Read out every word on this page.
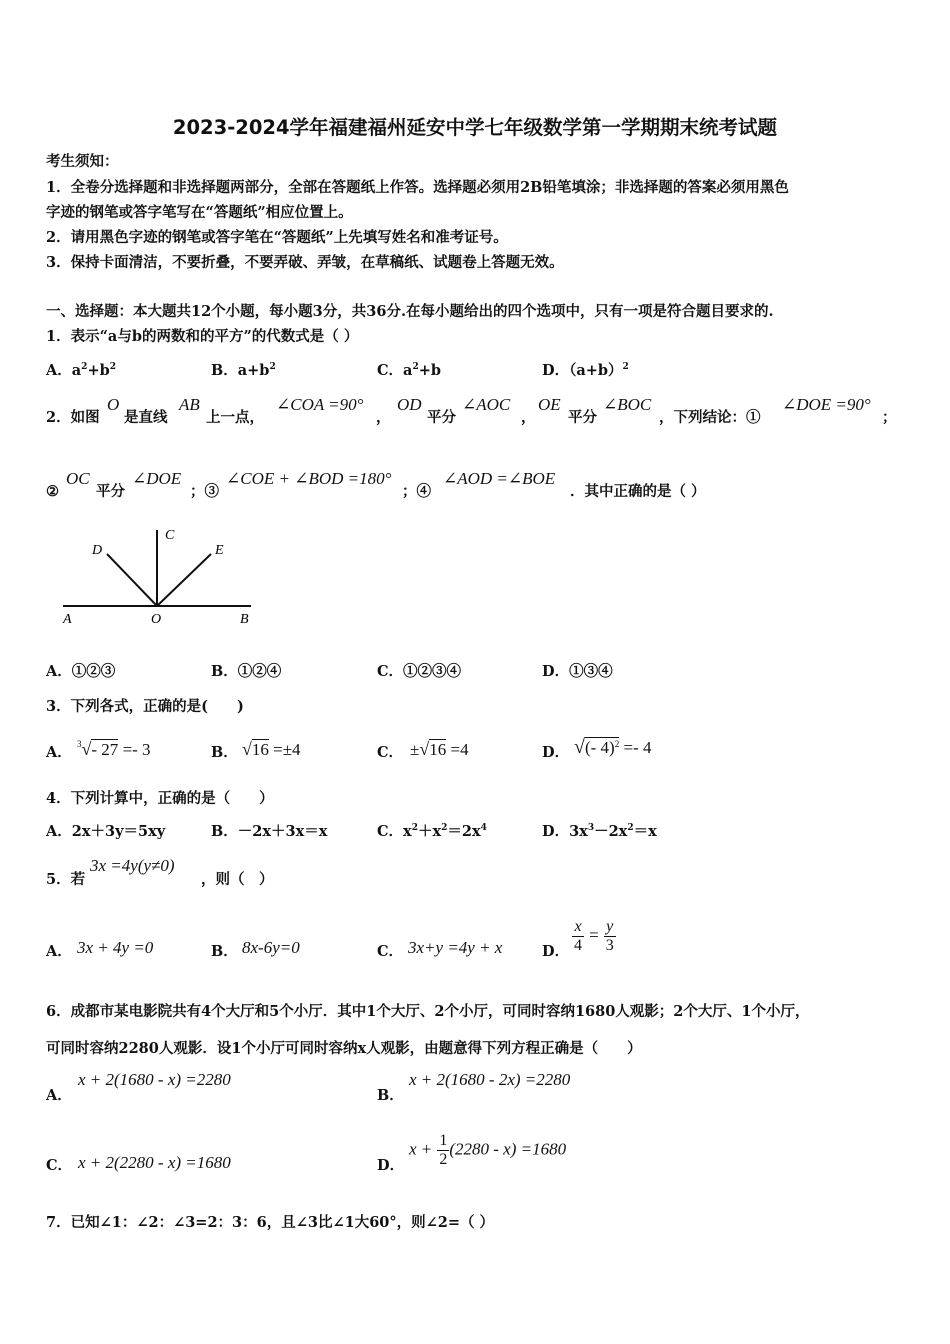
2023-2024学年福建福州延安中学七年级数学第一学期期末统考试题
考生须知：
1．全卷分选择题和非选择题两部分，全部在答题纸上作答。选择题必须用2B铅笔填涂；非选择题的答案必须用黑色
字迹的钢笔或答字笔写在“答题纸”相应位置上。
2．请用黑色字迹的钢笔或答字笔在“答题纸”上先填写姓名和准考证号。
3．保持卡面清洁，不要折叠，不要弄破、弄皱，在草稿纸、试题卷上答题无效。
一、选择题：本大题共12个小题，每小题3分，共36分.在每小题给出的四个选项中，只有一项是符合题目要求的.
1．表示“a与b的两数和的平方”的代数式是（ ）
A．$a^2+b^2$	B．$a+b^2$	C．$a^2+b$	D．$(a+b)^2$
2．如图
O
是直线
AB
上一点，
∠COA =90°
，
OD
平分
∠AOC
，
OE
平分
∠BOC
，下列结论：①
∠DOE =90°
；
②
OC
平分
∠DOE
；③
∠COE + ∠BOD =180°
；④
∠AOD =∠BOE
．其中正确的是（ ）
A	O	B
C
D	E
A．①②③	B．①②④	C．①②③④	D．①③④
3．下列各式，正确的是(　　)
A． $^3$√- 27 =- 3	B． √16 =±4	C． ±√16 =4	D． √(- 4)$^2$ =- 4
4．下列计算中，正确的是（　　）
A．2x＋3y＝5xy	B．－2x＋3x＝x	C．$x^2+x^2=2x^4$	D．$3x^3-2x^2=x$
5．若
3x =4y(y≠0)
，则（　）
A． 3x + 4y =0	B． 8x-6y=0	C． 3x+y =4y + x	D． $\frac{x}{4} = \frac{y}{3}$
6．成都市某电影院共有4个大厅和5个小厅．其中1个大厅、2个小厅，可同时容纳1680人观影；2个大厅、1个小厅，
可同时容纳2280人观影．设1个小厅可同时容纳x人观影，由题意得下列方程正确是（　　）
A．
x + 2(1680 - x) =2280
B．
x + 2(1680 - 2x) =2280
C． x + 2(2280 - x) =1680	D．
$x + \frac{1}{2} (2280 - x) =1680$
7．已知∠1：∠2：∠3=2：3：6，且∠3比∠1大60°，则∠2=（ ）
